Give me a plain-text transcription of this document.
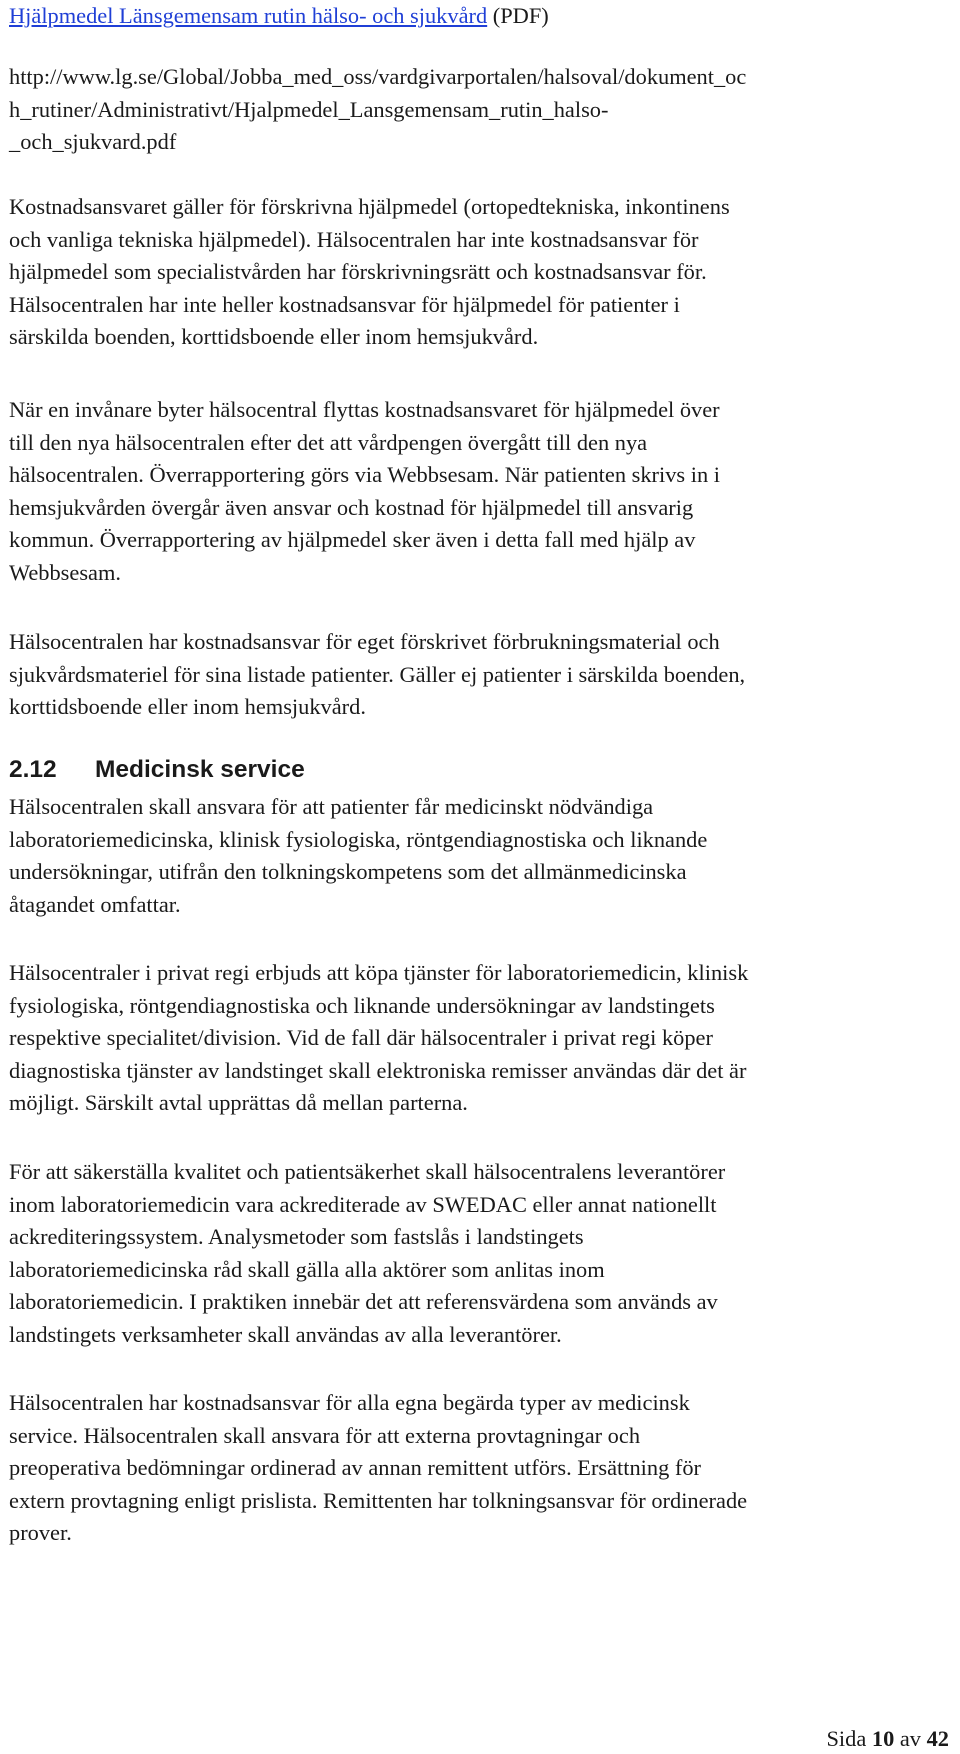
Hjälpmedel Länsgemensam rutin hälso- och sjukvård (PDF)

http://www.lg.se/Global/Jobba_med_oss/vardgivarportalen/halsoval/dokument_oc

h_rutiner/Administrativt/Hjalpmedel_Lansgemensam_rutin_halso-

_och_sjukvard.pdf

Kostnadsansvaret gäller för förskrivna hjälpmedel (ortopedtekniska, inkontinens

och vanliga tekniska hjälpmedel). Hälsocentralen har inte kostnadsansvar för

hjälpmedel som specialistvården har förskrivningsrätt och kostnadsansvar för.

Hälsocentralen har inte heller kostnadsansvar för hjälpmedel för patienter i

särskilda boenden, korttidsboende eller inom hemsjukvård.

När en invånare byter hälsocentral flyttas kostnadsansvaret för hjälpmedel över

till den nya hälsocentralen efter det att vårdpengen övergått till den nya

hälsocentralen. Överrapportering görs via Webbsesam. När patienten skrivs in i

hemsjukvården övergår även ansvar och kostnad för hjälpmedel till ansvarig

kommun. Överrapportering av hjälpmedel sker även i detta fall med hjälp av

Webbsesam.

Hälsocentralen har kostnadsansvar för eget förskrivet förbrukningsmaterial och

sjukvårdsmateriel för sina listade patienter. Gäller ej patienter i särskilda boenden,

korttidsboende eller inom hemsjukvård.

2.12 Medicinsk service

Hälsocentralen skall ansvara för att patienter får medicinskt nödvändiga

laboratoriemedicinska, klinisk fysiologiska, röntgendiagnostiska och liknande

undersökningar, utifrån den tolkningskompetens som det allmänmedicinska

åtagandet omfattar.

Hälsocentraler i privat regi erbjuds att köpa tjänster för laboratoriemedicin, klinisk

fysiologiska, röntgendiagnostiska och liknande undersökningar av landstingets

respektive specialitet/division. Vid de fall där hälsocentraler i privat regi köper

diagnostiska tjänster av landstinget skall elektroniska remisser användas där det är

möjligt. Särskilt avtal upprättas då mellan parterna.

För att säkerställa kvalitet och patientsäkerhet skall hälsocentralens leverantörer

inom laboratoriemedicin vara ackrediterade av SWEDAC eller annat nationellt

ackrediteringssystem. Analysmetoder som fastslås i landstingets

laboratoriemedicinska råd skall gälla alla aktörer som anlitas inom

laboratoriemedicin. I praktiken innebär det att referensvärdena som används av

landstingets verksamheter skall användas av alla leverantörer.

Hälsocentralen har kostnadsansvar för alla egna begärda typer av medicinsk

service. Hälsocentralen skall ansvara för att externa provtagningar och

preoperativa bedömningar ordinerad av annan remittent utförs. Ersättning för

extern provtagning enligt prislista. Remittenten har tolkningsansvar för ordinerade

prover.

Sida 10 av 42
